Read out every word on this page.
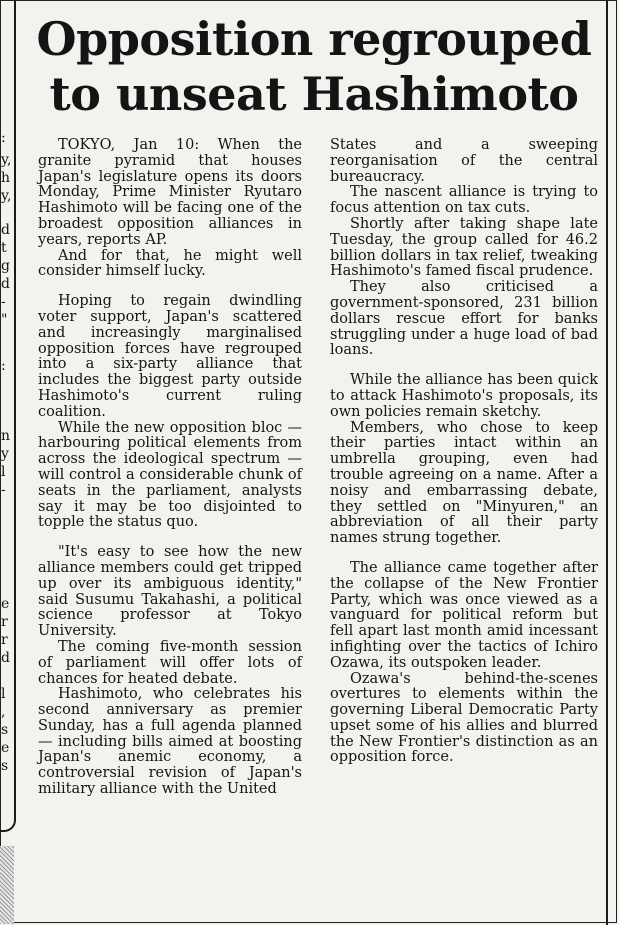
:
y,
h
y,
d
t
g
d
-
"
:
n
y
l
-
e
r
r
d
l
,
s
e
s
Opposition regrouped
to unseat Hashimoto

TOKYO, Jan 10: When the granite pyramid that houses Japan's legislature opens its doors Monday, Prime Minister Ryutaro Hashimoto will be facing one of the broadest opposition alliances in years, reports AP.

And for that, he might well consider himself lucky.

Hoping to regain dwindling voter support, Japan's scattered and increasingly marginalised opposition forces have regrouped into a six-party alliance that includes the biggest party outside Hashimoto's current ruling coalition.

While the new opposition bloc — harbouring political elements from across the ideological spectrum — will control a considerable chunk of seats in the parliament, analysts say it may be too disjointed to topple the status quo.

"It's easy to see how the new alliance members could get tripped up over its ambiguous identity," said Susumu Takahashi, a political science professor at Tokyo University.

The coming five-month session of parliament will offer lots of chances for heated debate.

Hashimoto, who celebrates his second anniversary as premier Sunday, has a full agenda planned — including bills aimed at boosting Japan's anemic economy, a controversial revision of Japan's military alliance with the United

States and a sweeping reorganisation of the central bureaucracy.

The nascent alliance is trying to focus attention on tax cuts.

Shortly after taking shape late Tuesday, the group called for 46.2 billion dollars in tax relief, tweaking Hashimoto's famed fiscal prudence.

They also criticised a government-sponsored, 231 billion dollars rescue effort for banks struggling under a huge load of bad loans.

While the alliance has been quick to attack Hashimoto's proposals, its own policies remain sketchy.

Members, who chose to keep their parties intact within an umbrella grouping, even had trouble agreeing on a name. After a noisy and embarrassing debate, they settled on "Minyuren," an abbreviation of all their party names strung together.

The alliance came together after the collapse of the New Frontier Party, which was once viewed as a vanguard for political reform but fell apart last month amid incessant infighting over the tactics of Ichiro Ozawa, its outspoken leader.

Ozawa's behind-the-scenes overtures to elements within the governing Liberal Democratic Party upset some of his allies and blurred the New Frontier's distinction as an opposition force.
